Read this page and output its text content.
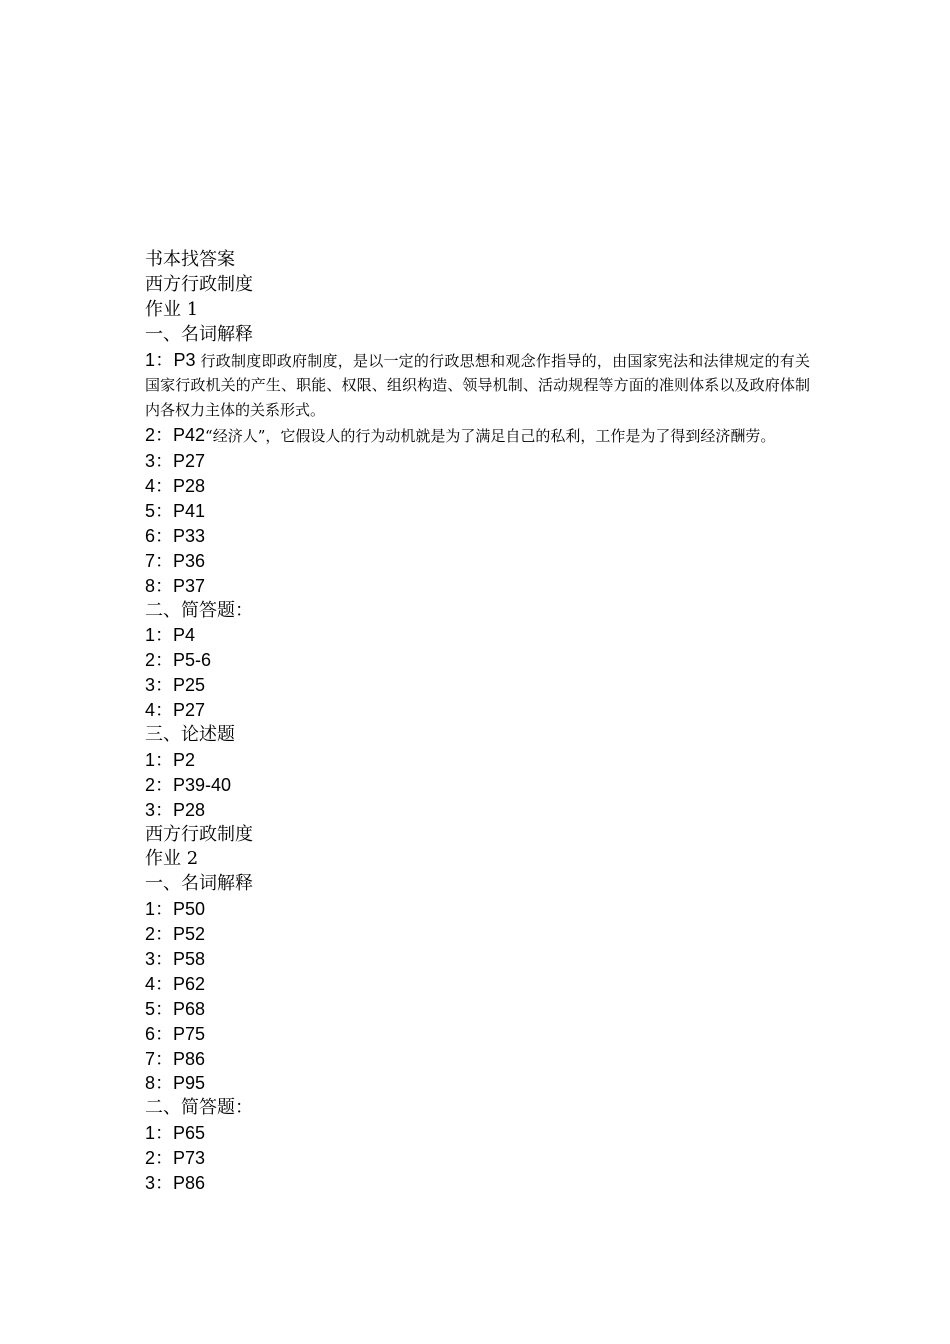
书本找答案
西方行政制度
作业 1
一、名词解释
1：P3 行政制度即政府制度，是以一定的行政思想和观念作指导的，由国家宪法和法律规定的有关国家行政机关的产生、职能、权限、组织构造、领导机制、活动规程等方面的准则体系以及政府体制内各权力主体的关系形式。
2：P42“经济人”，它假设人的行为动机就是为了满足自己的私利，工作是为了得到经济酬劳。
3：P27
4：P28
5：P41
6：P33
7：P36
8：P37
二、简答题：
1：P4
2：P5-6
3：P25
4：P27
三、论述题
1：P2
2：P39-40
3：P28
西方行政制度
作业 2
一、名词解释
1：P50
2：P52
3：P58
4：P62
5：P68
6：P75
7：P86
8：P95
二、简答题：
1：P65
2：P73
3：P86
